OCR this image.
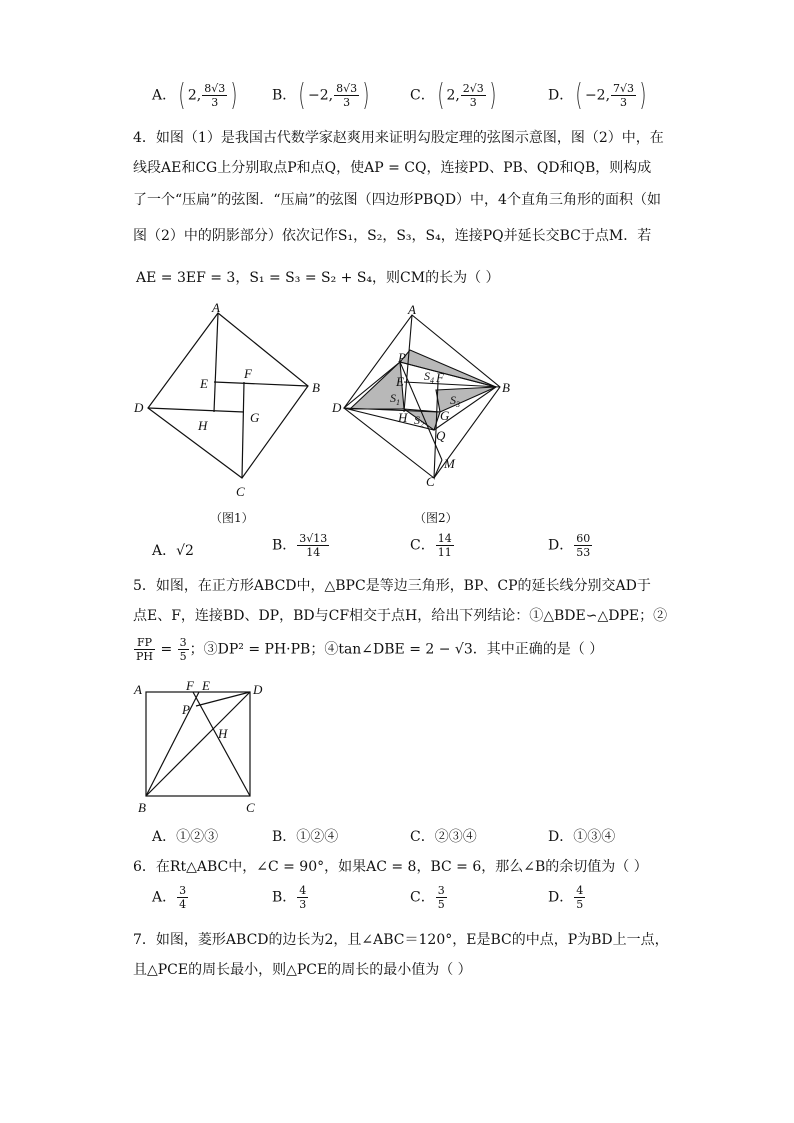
A．( 2, $\frac{8√3}{3}$ ) B．( −2, $\frac{8√3}{3}$ )	C．( 2, $\frac{2√3}{3}$ )	D．( −2, $\frac{7√3}{3}$ )
4．如图（1）是我国古代数学家赵爽用来证明勾股定理的弦图示意图，图（2）中，在
线段AE和CG上分别取点P和点Q，使AP = CQ，连接PD、PB、QD和QB，则构成
了一个“压扁”的弦图．“压扁”的弦图（四边形PBQD）中，4个直角三角形的面积（如
图（2）中的阴影部分）依次记作S₁，S₂，S₃，S₄，连接PQ并延长交BC于点M．若
AE = 3EF = 3，S₁ = S₃ = S₂ + S₄，则CM的长为（ ）
A
B
C
D
E
F
G
H
（图1）
A
B
C
D
E F
G
H
P
Q
M
$S_1$
$S_2$
$S_3$
$S_4$
（图2）
A．√2	B． $\frac{3√13}{14}$	C． $\frac{14}{11}$	D． $\frac{60}{53}$
5．如图，在正方形ABCD中，△BPC是等边三角形，BP、CP的延长线分别交AD于
点E、F，连接BD、DP，BD与CF相交于点H，给出下列结论：①△BDE∽△DPE；②
$\frac{FP}{PH} = \frac{3}{5}$ ；③DP² = PH·PB；④tan∠DBE = 2 − √3．其中正确的是（ ）
A	F E	D
P
H
B	C
A．①②③	B．①②④	C．②③④	D．①③④
6．在Rt△ABC中，∠C = 90°，如果AC = 8，BC = 6，那么∠B的余切值为（ ）
A． $\frac{3}{4}$	B． $\frac{4}{3}$	C． $\frac{3}{5}$	D． $\frac{4}{5}$
7．如图，菱形ABCD的边长为2，且∠ABC＝120°，E是BC的中点，P为BD上一点，
且△PCE的周长最小，则△PCE的周长的最小值为（ ）
